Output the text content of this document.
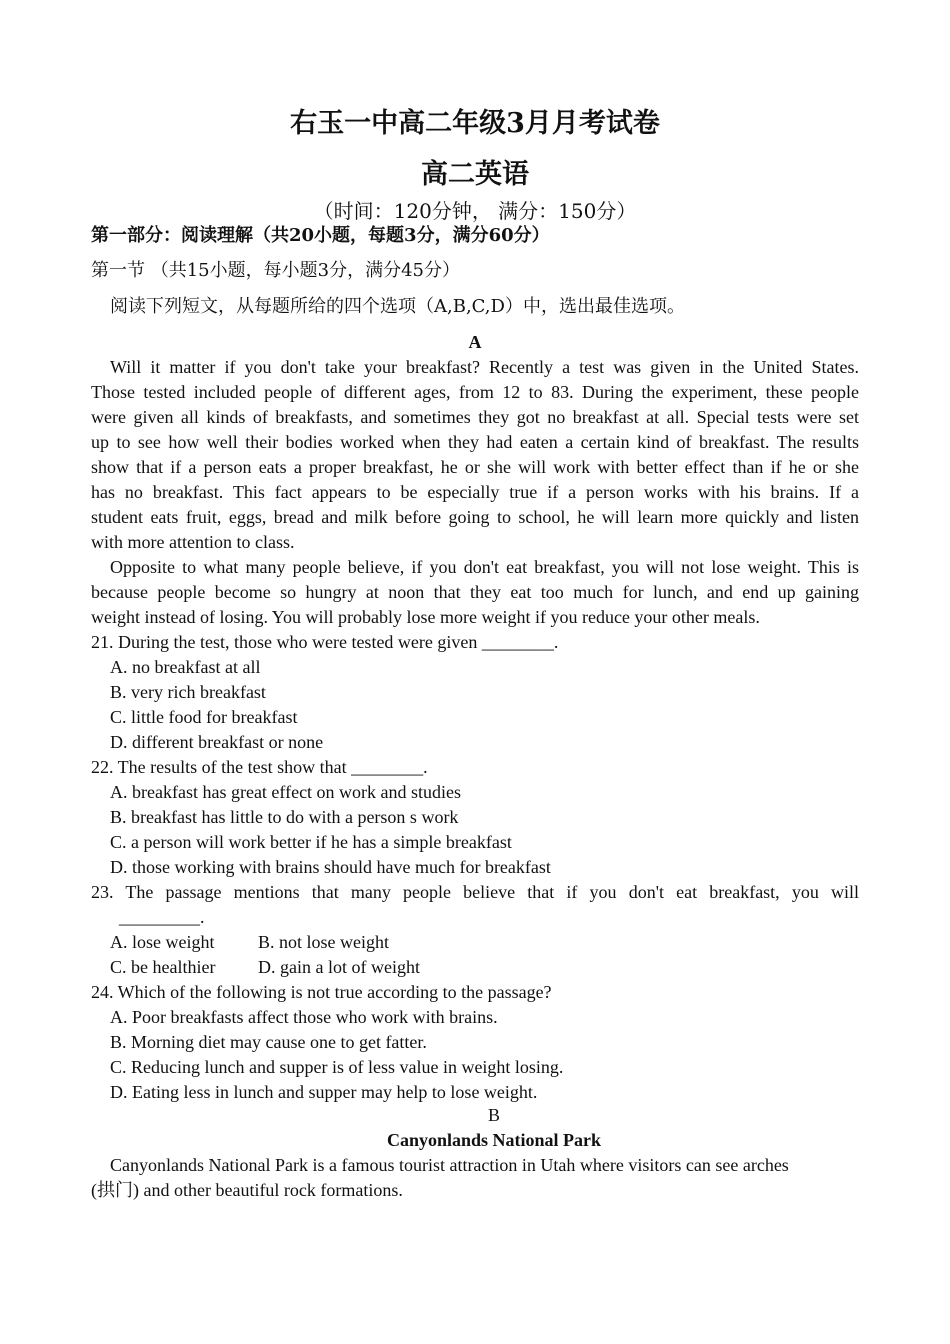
右玉一中高二年级3月月考试卷
高二英语
（时间：120分钟， 满分：150分）
第一部分：阅读理解（共20小题，每题3分，满分60分）
第一节 （共15小题，每小题3分，满分45分）
阅读下列短文，从每题所给的四个选项（A,B,C,D）中，选出最佳选项。
A
Will it matter if you don't take your breakfast? Recently a test was given in the United States.
Those tested included people of different ages, from 12 to 83. During the experiment, these people
were given all kinds of breakfasts, and sometimes they got no breakfast at all. Special tests were set
up to see how well their bodies worked when they had eaten a certain kind of breakfast. The results
show that if a person eats a proper breakfast, he or she will work with better effect than if he or she
has no breakfast. This fact appears to be especially true if a person works with his brains. If a
student eats fruit, eggs, bread and milk before going to school, he will learn more quickly and listen
with more attention to class.
Opposite to what many people believe, if you don't eat breakfast, you will not lose weight. This is
because people become so hungry at noon that they eat too much for lunch, and end up gaining
weight instead of losing. You will probably lose more weight if you reduce your other meals.
21. During the test, those who were tested were given ________.
A. no breakfast at all
B. very rich breakfast
C. little food for breakfast
D. different breakfast or none
22. The results of the test show that ________.
A. breakfast has great effect on work and studies
B. breakfast has little to do with a person s work
C. a person will work better if he has a simple breakfast
D. those working with brains should have much for breakfast
23. The passage mentions that many people believe that if you don't eat breakfast, you will
_________.
A. lose weight B. not lose weight
C. be healthier D. gain a lot of weight
24. Which of the following is not true according to the passage?
A. Poor breakfasts affect those who work with brains.
B. Morning diet may cause one to get fatter.
C. Reducing lunch and supper is of less value in weight losing.
D. Eating less in lunch and supper may help to lose weight.
B
Canyonlands National Park
Canyonlands National Park is a famous tourist attraction in Utah where visitors can see arches
(拱门) and other beautiful rock formations.
